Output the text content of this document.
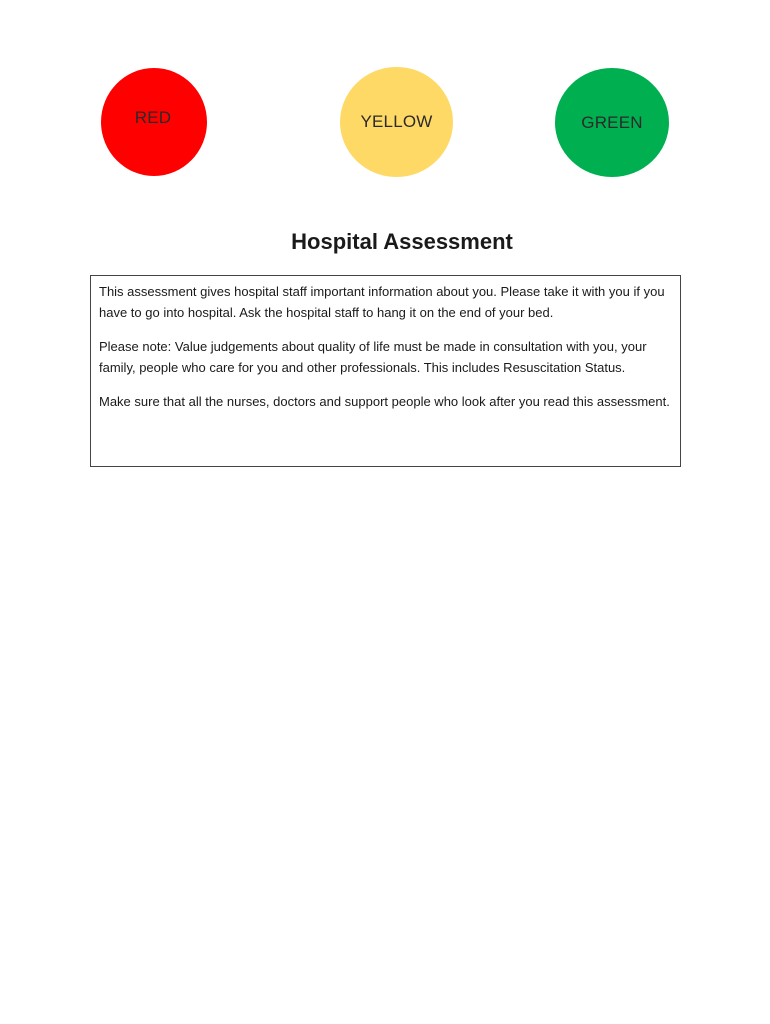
RED	YELLOW	GREEN
Hospital Assessment

This assessment gives hospital staff important information about you. Please take it with you if you have to go into hospital. Ask the hospital staff to hang it on the end of your bed.

Please note: Value judgements about quality of life must be made in consultation with you, your family, people who care for you and other professionals. This includes Resuscitation Status.

Make sure that all the nurses, doctors and support people who look after you read this assessment.
